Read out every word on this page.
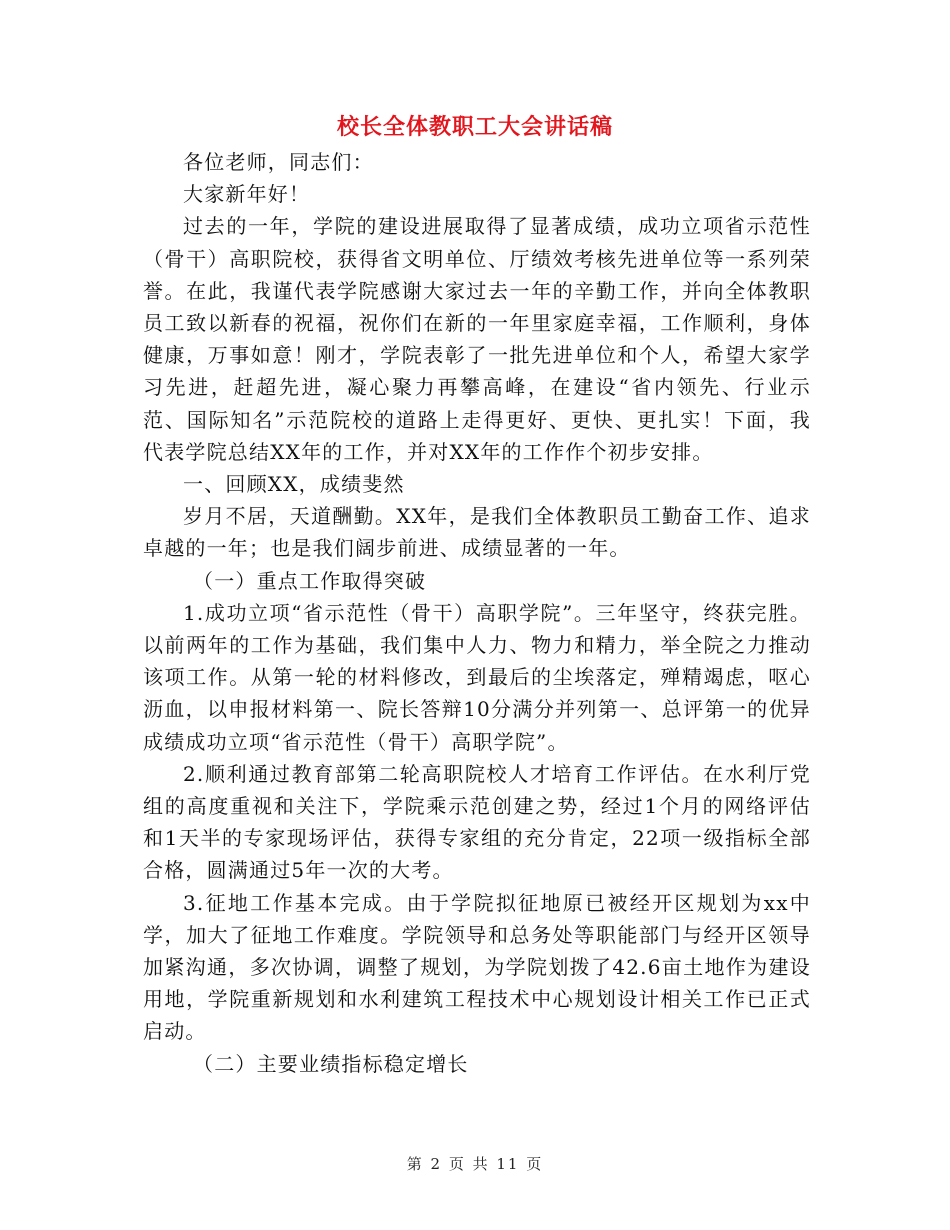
校长全体教职工大会讲话稿

各位老师，同志们：

大家新年好！

过去的一年，学院的建设进展取得了显著成绩，成功立项省示范性（骨干）高职院校，获得省文明单位、厅绩效考核先进单位等一系列荣誉。在此，我谨代表学院感谢大家过去一年的辛勤工作，并向全体教职员工致以新春的祝福，祝你们在新的一年里家庭幸福，工作顺利，身体健康，万事如意！刚才，学院表彰了一批先进单位和个人，希望大家学习先进，赶超先进，凝心聚力再攀高峰，在建设“省内领先、行业示范、国际知名”示范院校的道路上走得更好、更快、更扎实！下面，我代表学院总结XX年的工作，并对XX年的工作作个初步安排。

一、回顾XX，成绩斐然

岁月不居，天道酬勤。XX年，是我们全体教职员工勤奋工作、追求卓越的一年；也是我们阔步前进、成绩显著的一年。

（一）重点工作取得突破

1.成功立项“省示范性（骨干）高职学院”。三年坚守，终获完胜。以前两年的工作为基础，我们集中人力、物力和精力，举全院之力推动该项工作。从第一轮的材料修改，到最后的尘埃落定，殚精竭虑，呕心沥血，以申报材料第一、院长答辩10分满分并列第一、总评第一的优异成绩成功立项“省示范性（骨干）高职学院”。

2.顺利通过教育部第二轮高职院校人才培育工作评估。在水利厅党组的高度重视和关注下，学院乘示范创建之势，经过1个月的网络评估和1天半的专家现场评估，获得专家组的充分肯定，22项一级指标全部合格，圆满通过5年一次的大考。

3.征地工作基本完成。由于学院拟征地原已被经开区规划为xx中学，加大了征地工作难度。学院领导和总务处等职能部门与经开区领导加紧沟通，多次协调，调整了规划，为学院划拨了42.6亩土地作为建设用地，学院重新规划和水利建筑工程技术中心规划设计相关工作已正式启动。

（二）主要业绩指标稳定增长

第 2 页 共 11 页
